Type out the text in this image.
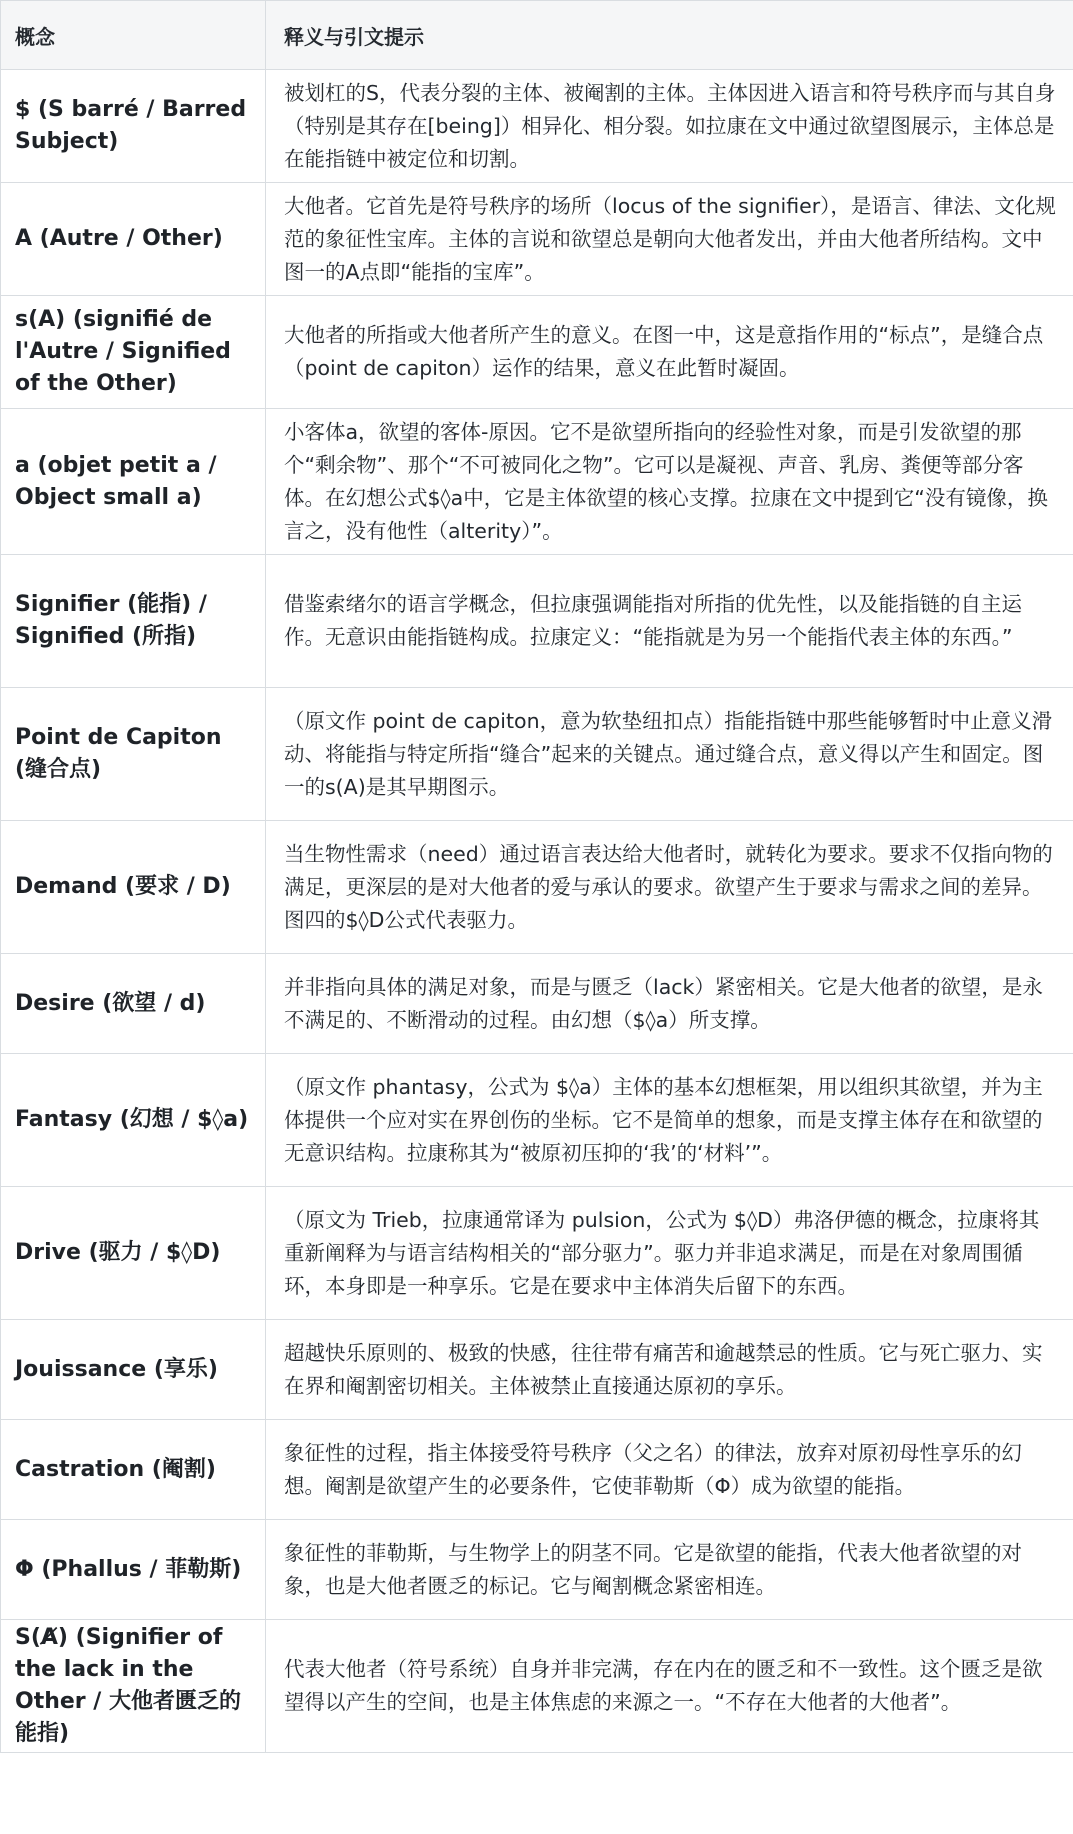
概念	释义与引文提示
$ (S barré / Barred Subject)	被划杠的S，代表分裂的主体、被阉割的主体。主体因进入语言和符号秩序而与其自身（特别是其存在[being]）相异化、相分裂。如拉康在文中通过欲望图展示，主体总是在能指链中被定位和切割。
A (Autre / Other)	大他者。它首先是符号秩序的场所（locus of the signifier），是语言、律法、文化规范的象征性宝库。主体的言说和欲望总是朝向大他者发出，并由大他者所结构。文中图一的A点即“能指的宝库”。
s(A) (signifié de l'Autre / Signified of the Other)	大他者的所指或大他者所产生的意义。在图一中，这是意指作用的“标点”，是缝合点（point de capiton）运作的结果，意义在此暂时凝固。
a (objet petit a / Object small a)	小客体a，欲望的客体-原因。它不是欲望所指向的经验性对象，而是引发欲望的那个“剩余物”、那个“不可被同化之物”。它可以是凝视、声音、乳房、粪便等部分客体。在幻想公式$◊a中，它是主体欲望的核心支撑。拉康在文中提到它“没有镜像，换言之，没有他性（alterity）”。
Signifier (能指) / Signified (所指)	借鉴索绪尔的语言学概念，但拉康强调能指对所指的优先性，以及能指链的自主运作。无意识由能指链构成。拉康定义：“能指就是为另一个能指代表主体的东西。”
Point de Capiton (缝合点)	（原文作 point de capiton，意为软垫纽扣点）指能指链中那些能够暂时中止意义滑动、将能指与特定所指“缝合”起来的关键点。通过缝合点，意义得以产生和固定。图一的s(A)是其早期图示。
Demand (要求 / D)	当生物性需求（need）通过语言表达给大他者时，就转化为要求。要求不仅指向物的满足，更深层的是对大他者的爱与承认的要求。欲望产生于要求与需求之间的差异。图四的$◊D公式代表驱力。
Desire (欲望 / d)	并非指向具体的满足对象，而是与匮乏（lack）紧密相关。它是大他者的欲望，是永不满足的、不断滑动的过程。由幻想（$◊a）所支撑。
Fantasy (幻想 / $◊a)	（原文作 phantasy，公式为 $◊a）主体的基本幻想框架，用以组织其欲望，并为主体提供一个应对实在界创伤的坐标。它不是简单的想象，而是支撑主体存在和欲望的无意识结构。拉康称其为“被原初压抑的‘我’的‘材料’”。
Drive (驱力 / $◊D)	（原文为 Trieb，拉康通常译为 pulsion，公式为 $◊D）弗洛伊德的概念，拉康将其重新阐释为与语言结构相关的“部分驱力”。驱力并非追求满足，而是在对象周围循环，本身即是一种享乐。它是在要求中主体消失后留下的东西。
Jouissance (享乐)	超越快乐原则的、极致的快感，往往带有痛苦和逾越禁忌的性质。它与死亡驱力、实在界和阉割密切相关。主体被禁止直接通达原初的享乐。
Castration (阉割)	象征性的过程，指主体接受符号秩序（父之名）的律法，放弃对原初母性享乐的幻想。阉割是欲望产生的必要条件，它使菲勒斯（Φ）成为欲望的能指。
Φ (Phallus / 菲勒斯)	象征性的菲勒斯，与生物学上的阴茎不同。它是欲望的能指，代表大他者欲望的对象，也是大他者匮乏的标记。它与阉割概念紧密相连。
S(A̸) (Signifier of the lack in the Other / 大他者匮乏的能指)	代表大他者（符号系统）自身并非完满，存在内在的匮乏和不一致性。这个匮乏是欲望得以产生的空间，也是主体焦虑的来源之一。“不存在大他者的大他者”。
